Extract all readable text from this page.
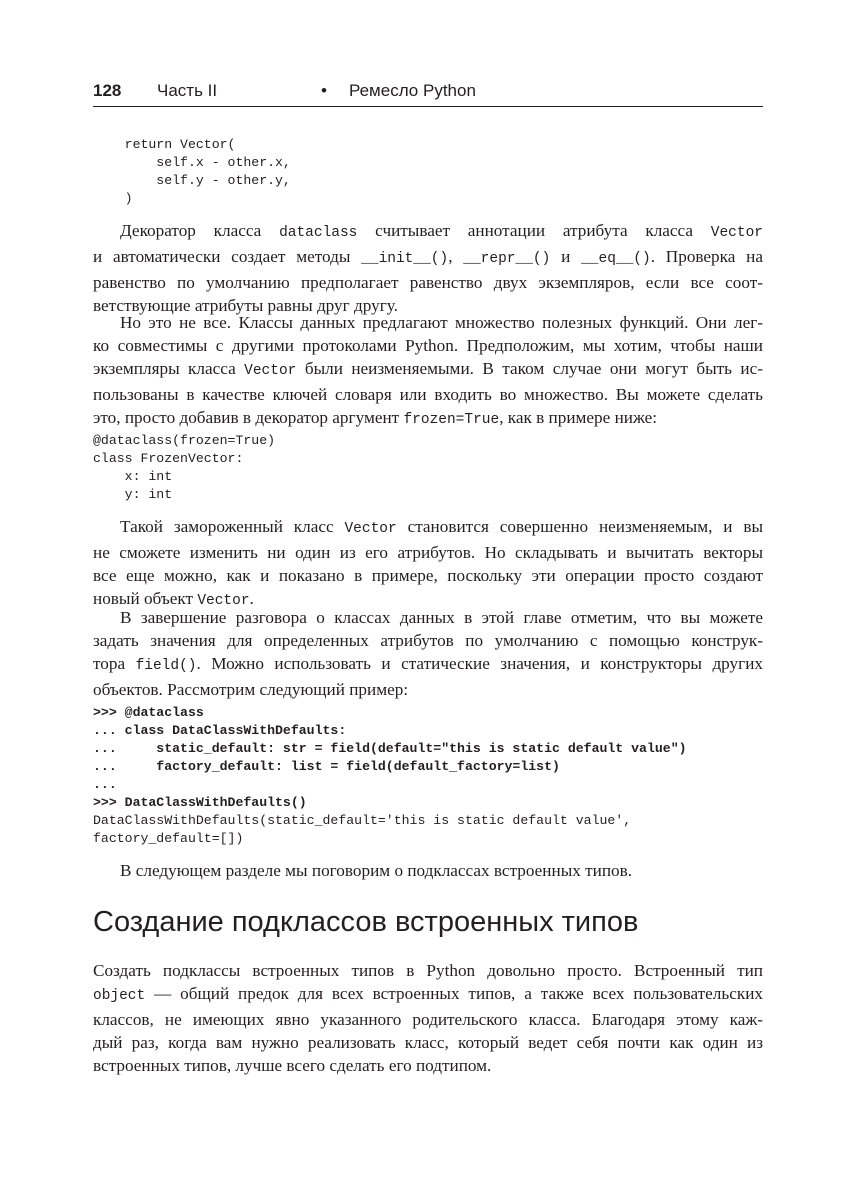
128 Часть II	• Ремесло Python
return Vector(
self.x - other.x,
self.y - other.y,
)
Декоратор класса dataclass считывает аннотации атрибута класса Vector
и автоматически создает методы __init__(), __repr__() и __eq__(). Проверка на
равенство по умолчанию предполагает равенство двух экземпляров, если все соот-
ветствующие атрибуты равны друг другу.
Но это не все. Классы данных предлагают множество полезных функций. Они лег-
ко совместимы с другими протоколами Python. Предположим, мы хотим, чтобы наши
экземпляры класса Vector были неизменяемыми. В таком случае они могут быть ис-
пользованы в качестве ключей словаря или входить во множество. Вы можете сделать
это, просто добавив в декоратор аргумент frozen=True, как в примере ниже:
@dataclass(frozen=True)
class FrozenVector:
x: int
y: int
Такой замороженный класс Vector становится совершенно неизменяемым, и вы
не сможете изменить ни один из его атрибутов. Но складывать и вычитать векторы
все еще можно, как и показано в примере, поскольку эти операции просто создают
новый объект Vector.
В завершение разговора о классах данных в этой главе отметим, что вы можете
задать значения для определенных атрибутов по умолчанию с помощью конструк-
тора field(). Можно использовать и статические значения, и конструкторы других
объектов. Рассмотрим следующий пример:
>>> @dataclass
... class DataClassWithDefaults:
...     static_default: str = field(default="this is static default value")
...     factory_default: list = field(default_factory=list)
...
>>> DataClassWithDefaults()
DataClassWithDefaults(static_default='this is static default value',
factory_default=[])
В следующем разделе мы поговорим о подклассах встроенных типов.
Создание подклассов встроенных типов
Создать подклассы встроенных типов в Python довольно просто. Встроенный тип
object — общий предок для всех встроенных типов, а также всех пользовательских
классов, не имеющих явно указанного родительского класса. Благодаря этому каж-
дый раз, когда вам нужно реализовать класс, который ведет себя почти как один из
встроенных типов, лучше всего сделать его подтипом.
